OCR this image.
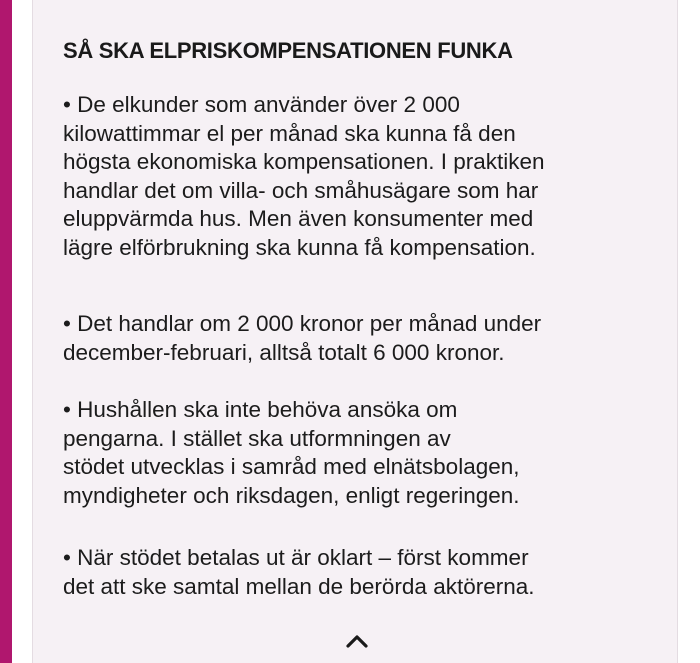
SÅ SKA ELPRISKOMPENSATIONEN FUNKA

• De elkunder som använder över 2 000
kilowattimmar el per månad ska kunna få den
högsta ekonomiska kompensationen. I praktiken
handlar det om villa- och småhusägare som har
eluppvärmda hus. Men även konsumenter med
lägre elförbrukning ska kunna få kompensation.

• Det handlar om 2 000 kronor per månad under
december-februari, alltså totalt 6 000 kronor.

• Hushållen ska inte behöva ansöka om
pengarna. I stället ska utformningen av
stödet utvecklas i samråd med elnätsbolagen,
myndigheter och riksdagen, enligt regeringen.

• När stödet betalas ut är oklart – först kommer
det att ske samtal mellan de berörda aktörerna.
